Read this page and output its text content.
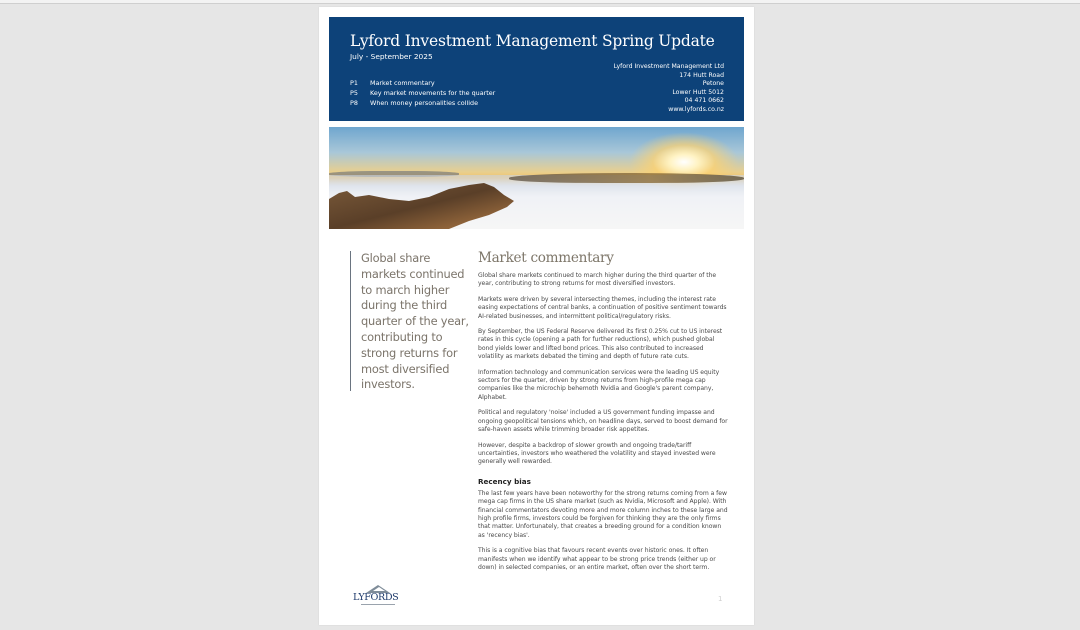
Lyford Investment Management Spring Update
July - September 2025
P1	Market commentary
P5	Key market movements for the quarter
P8	When money personalities collide
Lyford Investment Management Ltd
174 Hutt Road
Petone
Lower Hutt 5012
04 471 0662
www.lyfords.co.nz
Global share markets continued to march higher during the third quarter of the year, contributing to strong returns for most diversified investors.
Market commentary

Global share markets continued to march higher during the third quarter of the year, contributing to strong returns for most diversified investors.

Markets were driven by several intersecting themes, including the interest rate easing expectations of central banks, a continuation of positive sentiment towards AI-related businesses, and intermittent political/regulatory risks.

By September, the US Federal Reserve delivered its first 0.25% cut to US interest rates in this cycle (opening a path for further reductions), which pushed global bond yields lower and lifted bond prices. This also contributed to increased volatility as markets debated the timing and depth of future rate cuts.

Information technology and communication services were the leading US equity sectors for the quarter, driven by strong returns from high-profile mega cap companies like the microchip behemoth Nvidia and Google's parent company, Alphabet.

Political and regulatory 'noise' included a US government funding impasse and ongoing geopolitical tensions which, on headline days, served to boost demand for safe-haven assets while trimming broader risk appetites.

However, despite a backdrop of slower growth and ongoing trade/tariff uncertainties, investors who weathered the volatility and stayed invested were generally well rewarded.

Recency bias

The last few years have been noteworthy for the strong returns coming from a few mega cap firms in the US share market (such as Nvidia, Microsoft and Apple). With financial commentators devoting more and more column inches to these large and high profile firms, investors could be forgiven for thinking they are the only firms that matter. Unfortunately, that creates a breeding ground for a condition known as 'recency bias'.

This is a cognitive bias that favours recent events over historic ones. It often manifests when we identify what appear to be strong price trends (either up or down) in selected companies, or an entire market, often over the short term.

LYFORDS	1
